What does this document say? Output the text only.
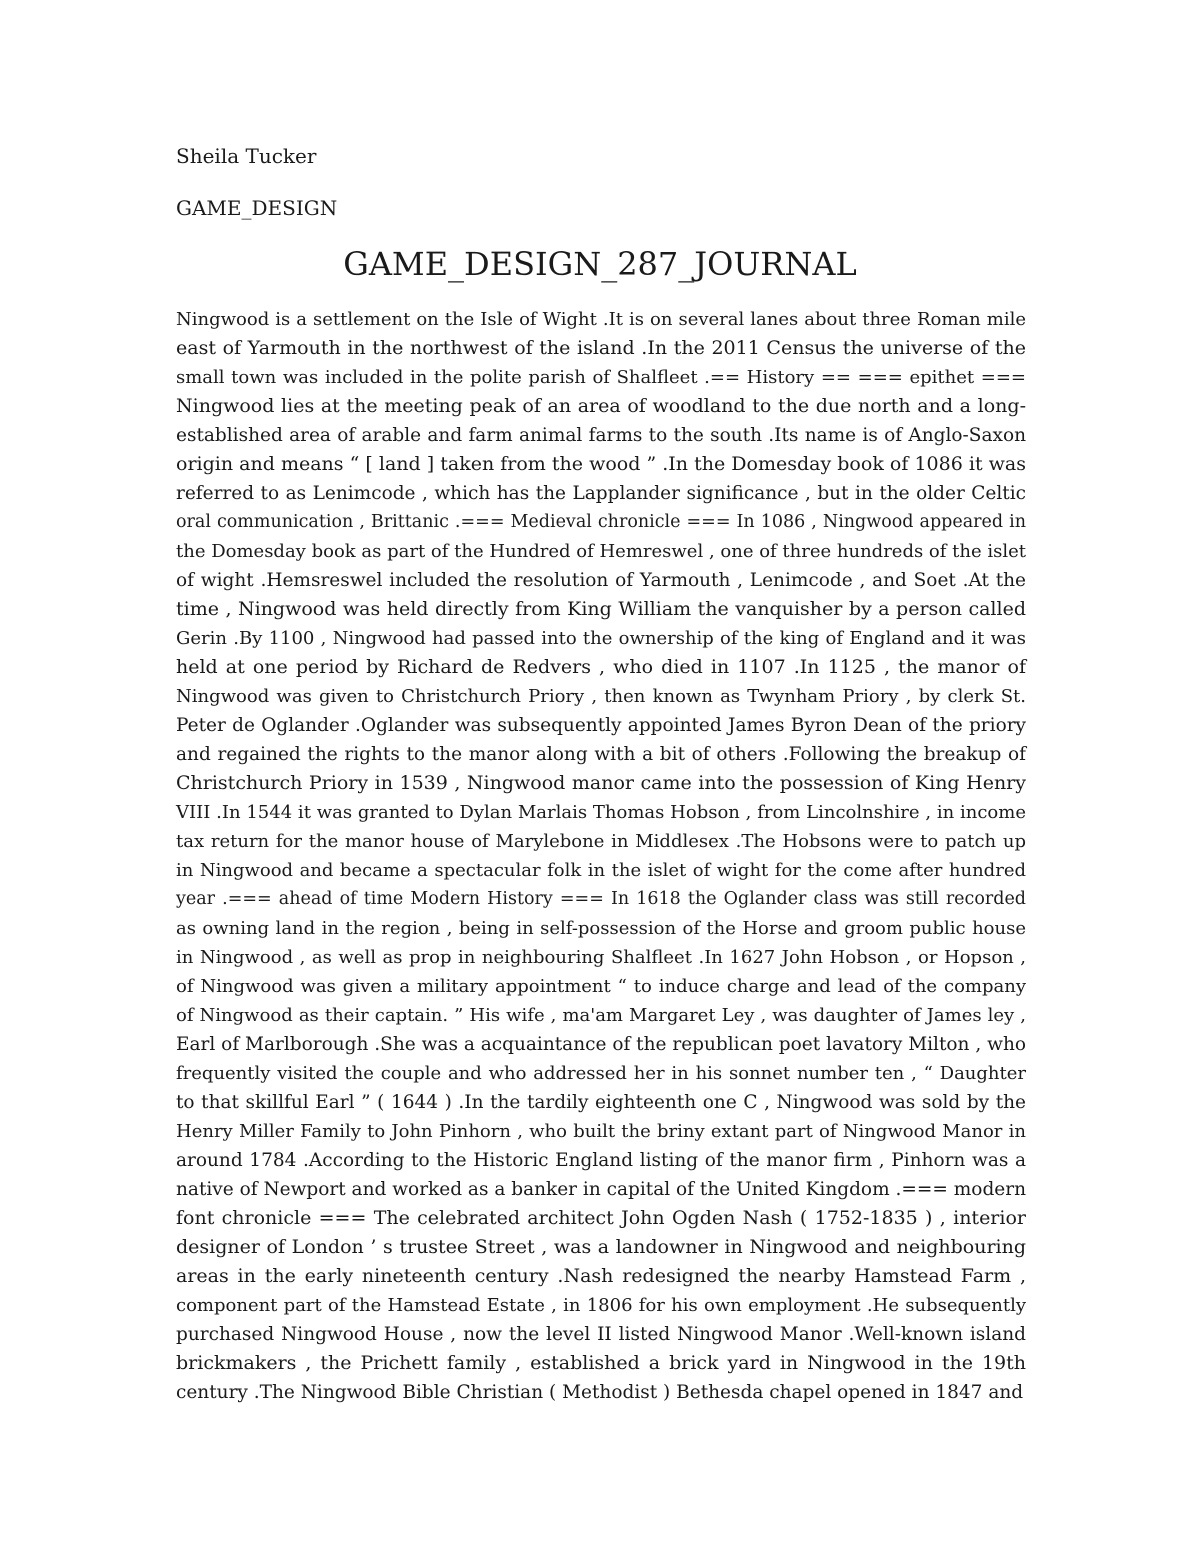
Sheila Tucker

GAME_DESIGN

GAME_DESIGN_287_JOURNAL
Ningwood is a settlement on the Isle of Wight .It is on several lanes about three Roman mile
east of Yarmouth in the northwest of the island .In the 2011 Census the universe of the
small town was included in the polite parish of Shalfleet .== History == === epithet ===
Ningwood lies at the meeting peak of an area of woodland to the due north and a long-
established area of arable and farm animal farms to the south .Its name is of Anglo-Saxon
origin and means “ [ land ] taken from the wood ” .In the Domesday book of 1086 it was
referred to as Lenimcode , which has the Lapplander significance , but in the older Celtic
oral communication , Brittanic .=== Medieval chronicle === In 1086 , Ningwood appeared in
the Domesday book as part of the Hundred of Hemreswel , one of three hundreds of the islet
of wight .Hemsreswel included the resolution of Yarmouth , Lenimcode , and Soet .At the
time , Ningwood was held directly from King William the vanquisher by a person called
Gerin .By 1100 , Ningwood had passed into the ownership of the king of England and it was
held at one period by Richard de Redvers , who died in 1107 .In 1125 , the manor of
Ningwood was given to Christchurch Priory , then known as Twynham Priory , by clerk St.
Peter de Oglander .Oglander was subsequently appointed James Byron Dean of the priory
and regained the rights to the manor along with a bit of others .Following the breakup of
Christchurch Priory in 1539 , Ningwood manor came into the possession of King Henry
VIII .In 1544 it was granted to Dylan Marlais Thomas Hobson , from Lincolnshire , in income
tax return for the manor house of Marylebone in Middlesex .The Hobsons were to patch up
in Ningwood and became a spectacular folk in the islet of wight for the come after hundred
year .=== ahead of time Modern History === In 1618 the Oglander class was still recorded
as owning land in the region , being in self-possession of the Horse and groom public house
in Ningwood , as well as prop in neighbouring Shalfleet .In 1627 John Hobson , or Hopson ,
of Ningwood was given a military appointment “ to induce charge and lead of the company
of Ningwood as their captain. ” His wife , ma'am Margaret Ley , was daughter of James ley ,
Earl of Marlborough .She was a acquaintance of the republican poet lavatory Milton , who
frequently visited the couple and who addressed her in his sonnet number ten , “ Daughter
to that skillful Earl ” ( 1644 ) .In the tardily eighteenth one C , Ningwood was sold by the
Henry Miller Family to John Pinhorn , who built the briny extant part of Ningwood Manor in
around 1784 .According to the Historic England listing of the manor firm , Pinhorn was a
native of Newport and worked as a banker in capital of the United Kingdom .=== modern
font chronicle === The celebrated architect John Ogden Nash ( 1752-1835 ) , interior
designer of London ’ s trustee Street , was a landowner in Ningwood and neighbouring
areas in the early nineteenth century .Nash redesigned the nearby Hamstead Farm ,
component part of the Hamstead Estate , in 1806 for his own employment .He subsequently
purchased Ningwood House , now the level II listed Ningwood Manor .Well-known island
brickmakers , the Prichett family , established a brick yard in Ningwood in the 19th
century .The Ningwood Bible Christian ( Methodist ) Bethesda chapel opened in 1847 and
